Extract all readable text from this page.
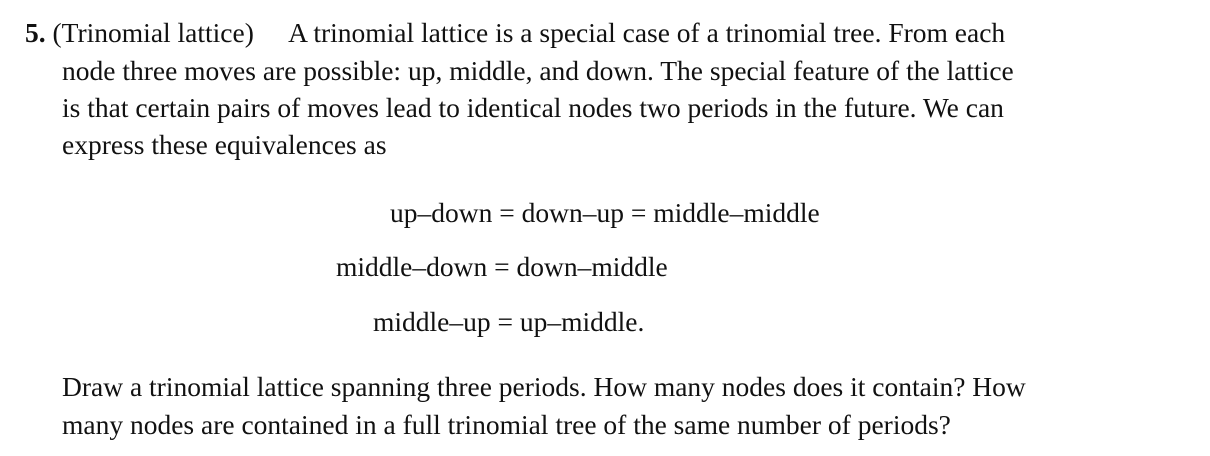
5. (Trinomial lattice) A trinomial lattice is a special case of a trinomial tree. From each
node three moves are possible: up, middle, and down. The special feature of the lattice
is that certain pairs of moves lead to identical nodes two periods in the future. We can
express these equivalences as
up–down = down–up = middle–middle
middle–down = down–middle
middle–up = up–middle.
Draw a trinomial lattice spanning three periods. How many nodes does it contain? How
many nodes are contained in a full trinomial tree of the same number of periods?
